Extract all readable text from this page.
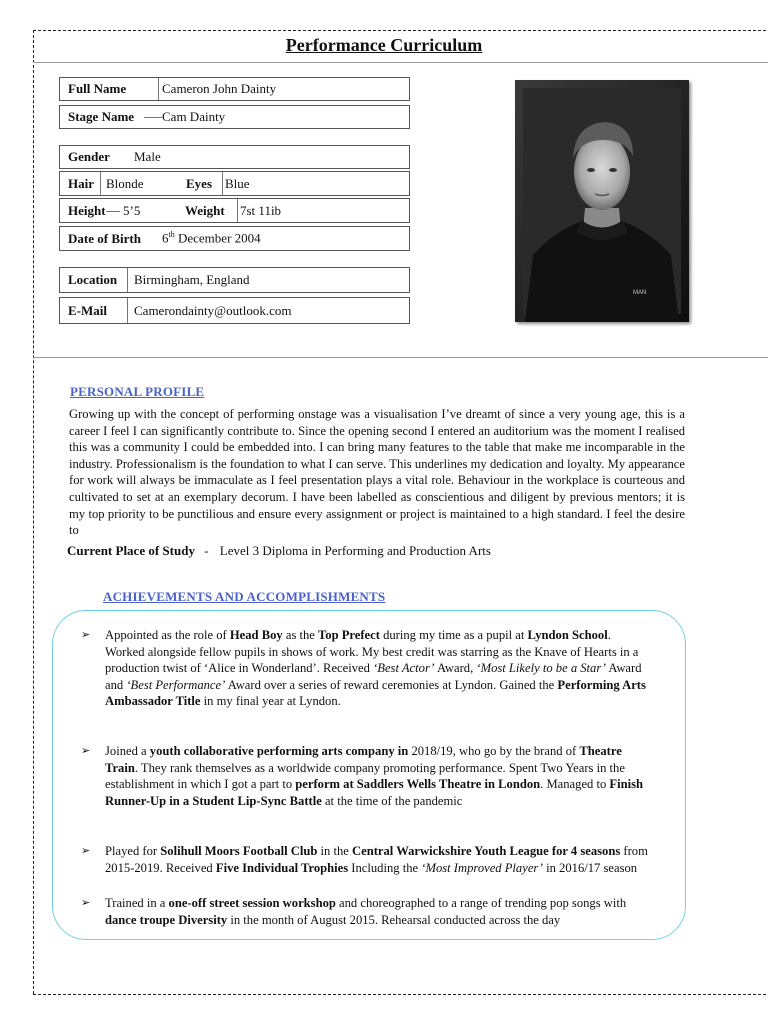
Performance Curriculum
Full Name	Cameron John Dainty
Stage Name Cam Dainty
Gender Male
Hair Blonde	Eyes Blue
Height 5’5	Weight 7st 11ib
Date of Birth 6th December 2004
Location Birmingham, England
E-Mail Camerondainty@outlook.com
MAN
PERSONAL PROFILE
Growing up with the concept of performing onstage was a visualisation I’ve dreamt of since a very young age, this is a career I feel I can significantly contribute to. Since the opening second I entered an auditorium was the moment I realised this was a community I could be embedded into. I can bring many features to the table that make me incomparable in the industry. Professionalism is the foundation to what I can serve. This underlines my dedication and loyalty. My appearance for work will always be immaculate as I feel presentation plays a vital role. Behaviour in the workplace is courteous and cultivated to set at an exemplary decorum. I have been labelled as conscientious and diligent by previous mentors; it is my top priority to be punctilious and ensure every assignment or project is maintained to a high standard. I feel the desire to
Current Place of Study - Level 3 Diploma in Performing and Production Arts
ACHIEVEMENTS AND ACCOMPLISHMENTS
➢ Appointed as the role of Head Boy as the Top Prefect during my time as a pupil at Lyndon School. Worked alongside fellow pupils in shows of work. My best credit was starring as the Knave of Hearts in a            production twist of ‘Alice in Wonderland’. Received ‘Best Actor’ Award, ‘Most Likely to be a Star’ Award and ‘Best Performance’ Award over a series of reward ceremonies at Lyndon. Gained the Performing Arts Ambassador Title in my final year at Lyndon.
➢ Joined a youth collaborative performing arts company in 2018/19, who go by the brand of Theatre Train. They rank themselves as a worldwide company promoting performance. Spent Two Years in the establishment in which I got a part to perform at Saddlers Wells Theatre in London. Managed to Finish Runner-Up in a Student Lip-Sync Battle at the time of the pandemic
➢ Played for Solihull Moors Football Club in the Central Warwickshire Youth League for 4 seasons from  2015-2019. Received Five Individual Trophies Including the ‘Most Improved Player’ in 2016/17 season
➢ Trained in a one-off street session workshop and choreographed to a range of trending pop songs with dance troupe Diversity in the month of August 2015. Rehearsal conducted across the day
